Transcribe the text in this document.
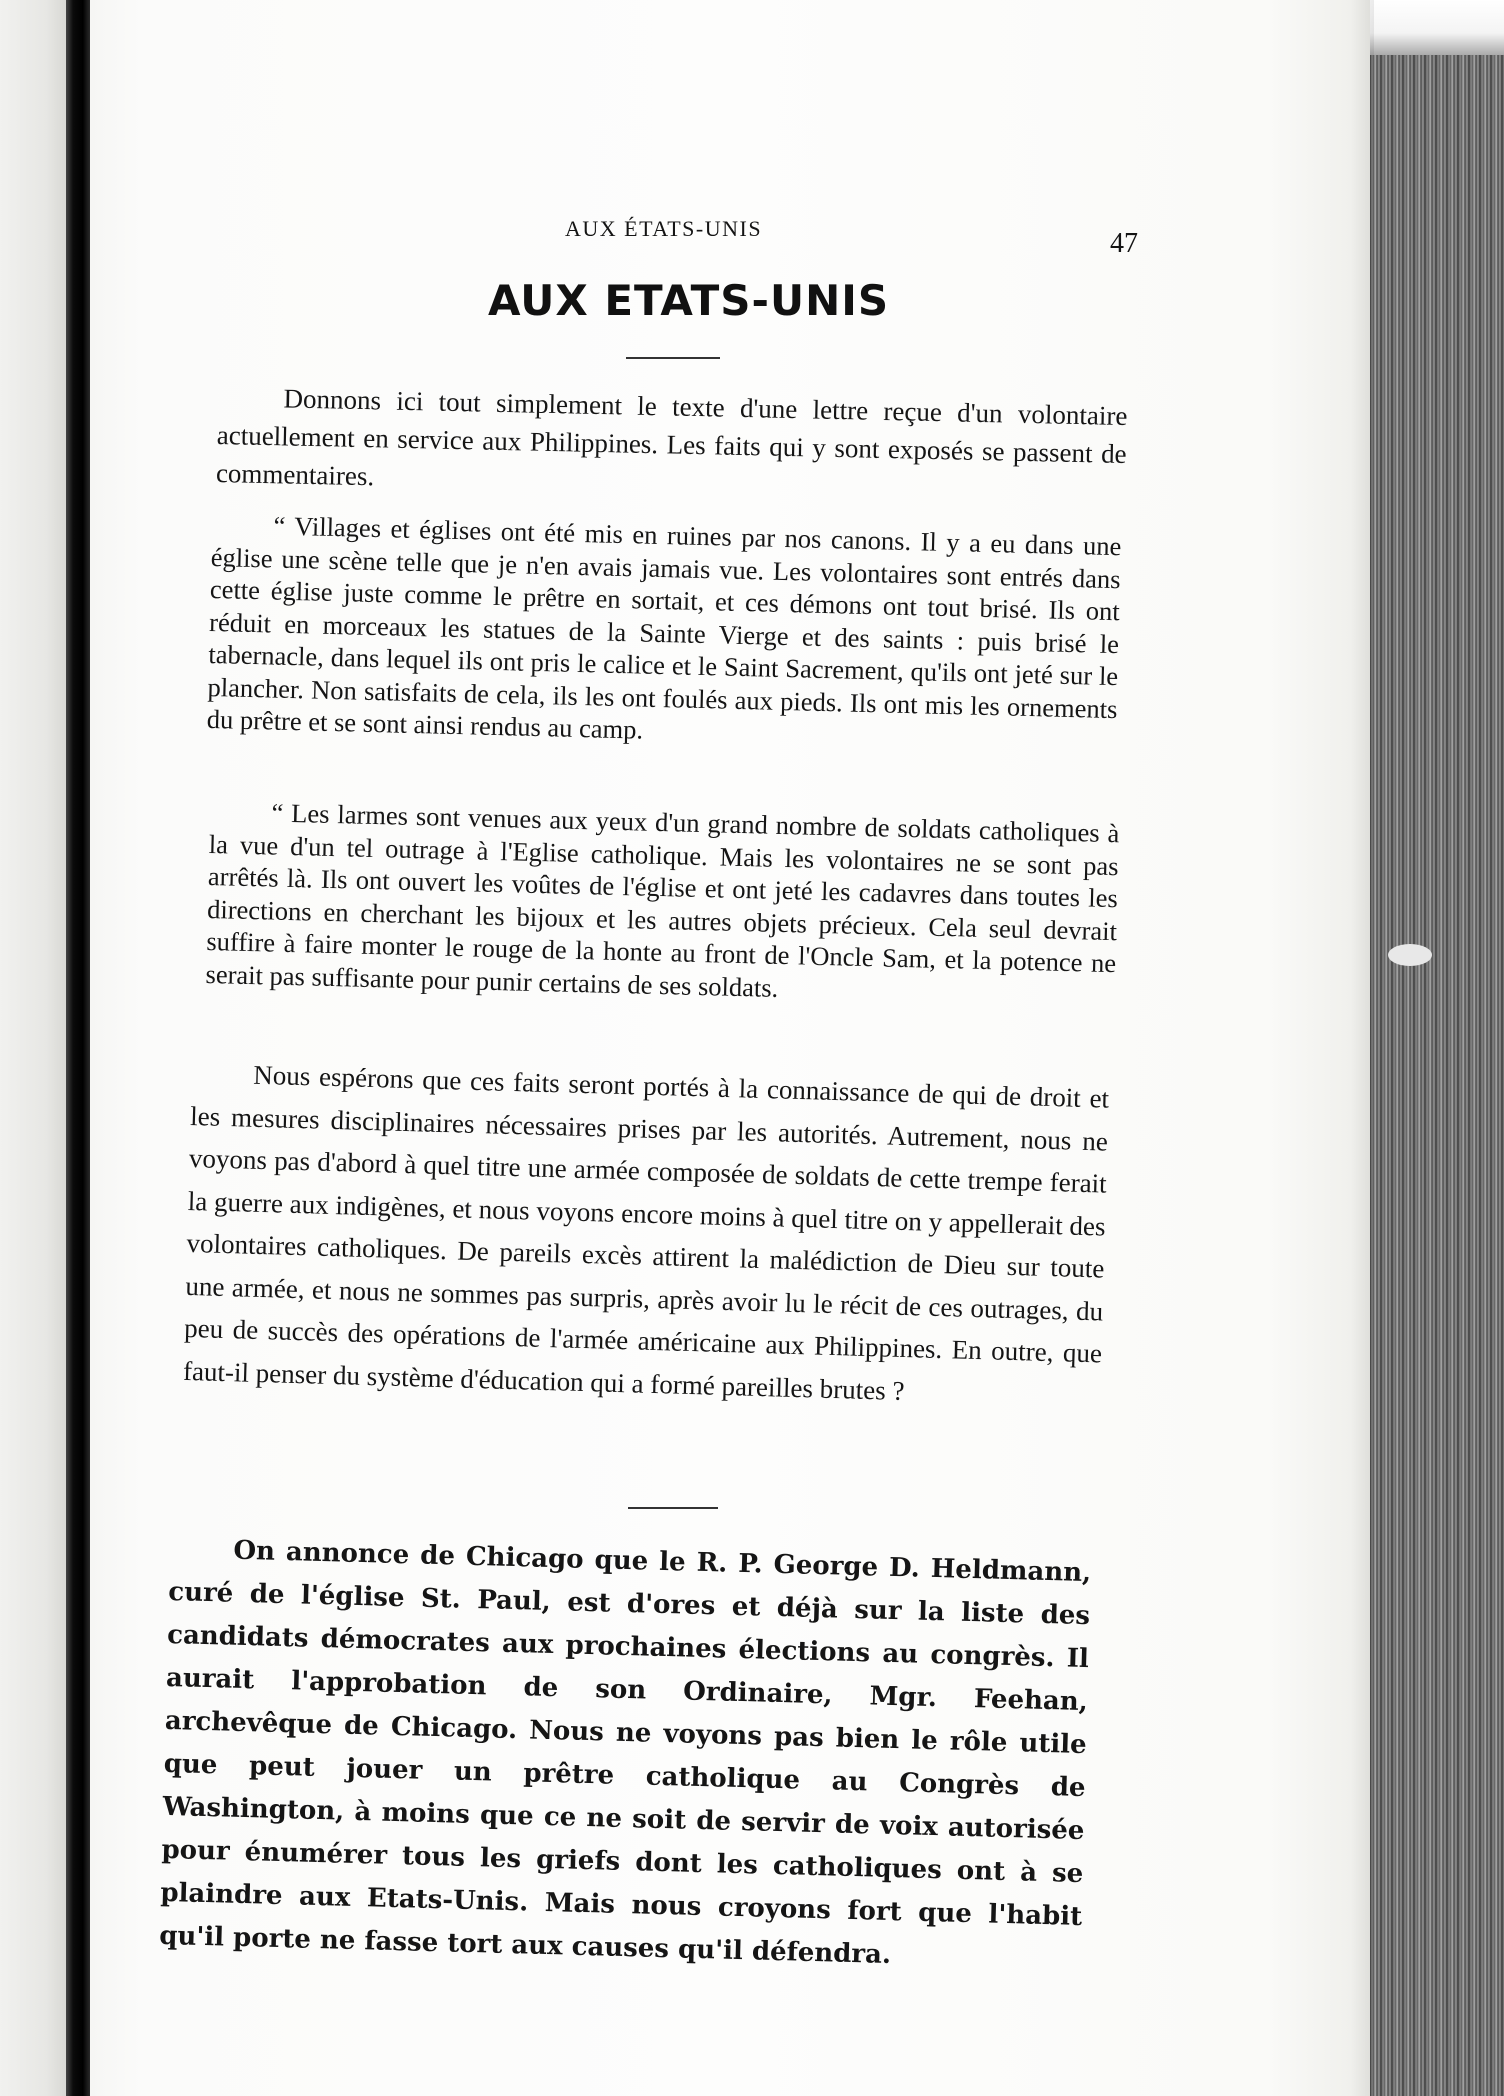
AUX ÉTATS-UNIS	47
AUX ETATS-UNIS
Donnons ici tout simplement le texte d'une lettre reçue d'un volontaire actuellement en service aux Philippines. Les faits qui y sont exposés se passent de commentaires.
“ Villages et églises ont été mis en ruines par nos canons. Il y a eu dans une église une scène telle que je n'en avais jamais vue. Les volontaires sont entrés dans cette église juste comme le prêtre en sortait, et ces démons ont tout brisé. Ils ont réduit en morceaux les statues de la Sainte Vierge et des saints : puis brisé le tabernacle, dans lequel ils ont pris le calice et le Saint Sacrement, qu'ils ont jeté sur le plancher. Non satisfaits de cela, ils les ont foulés aux pieds. Ils ont mis les ornements du prêtre et se sont ainsi rendus au camp.
“ Les larmes sont venues aux yeux d'un grand nombre de soldats catholiques à la vue d'un tel outrage à l'Eglise catholique. Mais les volontaires ne se sont pas arrêtés là. Ils ont ouvert les voûtes de l'église et ont jeté les cadavres dans toutes les directions en cherchant les bijoux et les autres objets précieux. Cela seul devrait suffire à faire monter le rouge de la honte au front de l'Oncle Sam, et la potence ne serait pas suffisante pour punir certains de ses soldats.
Nous espérons que ces faits seront portés à la connaissance de qui de droit et les mesures disciplinaires nécessaires prises par les autorités. Autrement, nous ne voyons pas d'abord à quel titre une armée composée de soldats de cette trempe ferait la guerre aux indigènes, et nous voyons encore moins à quel titre on y appellerait des volontaires catholiques. De pareils excès attirent la malédiction de Dieu sur toute une armée, et nous ne sommes pas surpris, après avoir lu le récit de ces outrages, du peu de succès des opérations de l'armée américaine aux Philippines. En outre, que faut-il penser du système d'éducation qui a formé pareilles brutes ?
On annonce de Chicago que le R. P. George D. Heldmann, curé de l'église St. Paul, est d'ores et déjà sur la liste des candidats démocrates aux prochaines élections au congrès. Il aurait l'approbation de son Ordinaire, Mgr. Feehan, archevêque de Chicago. Nous ne voyons pas bien le rôle utile que peut jouer un prêtre catholique au Congrès de Washington, à moins que ce ne soit de servir de voix autorisée pour énumérer tous les griefs dont les catholiques ont à se plaindre aux Etats-Unis. Mais nous croyons fort que l'habit qu'il porte ne fasse tort aux causes qu'il défendra.
